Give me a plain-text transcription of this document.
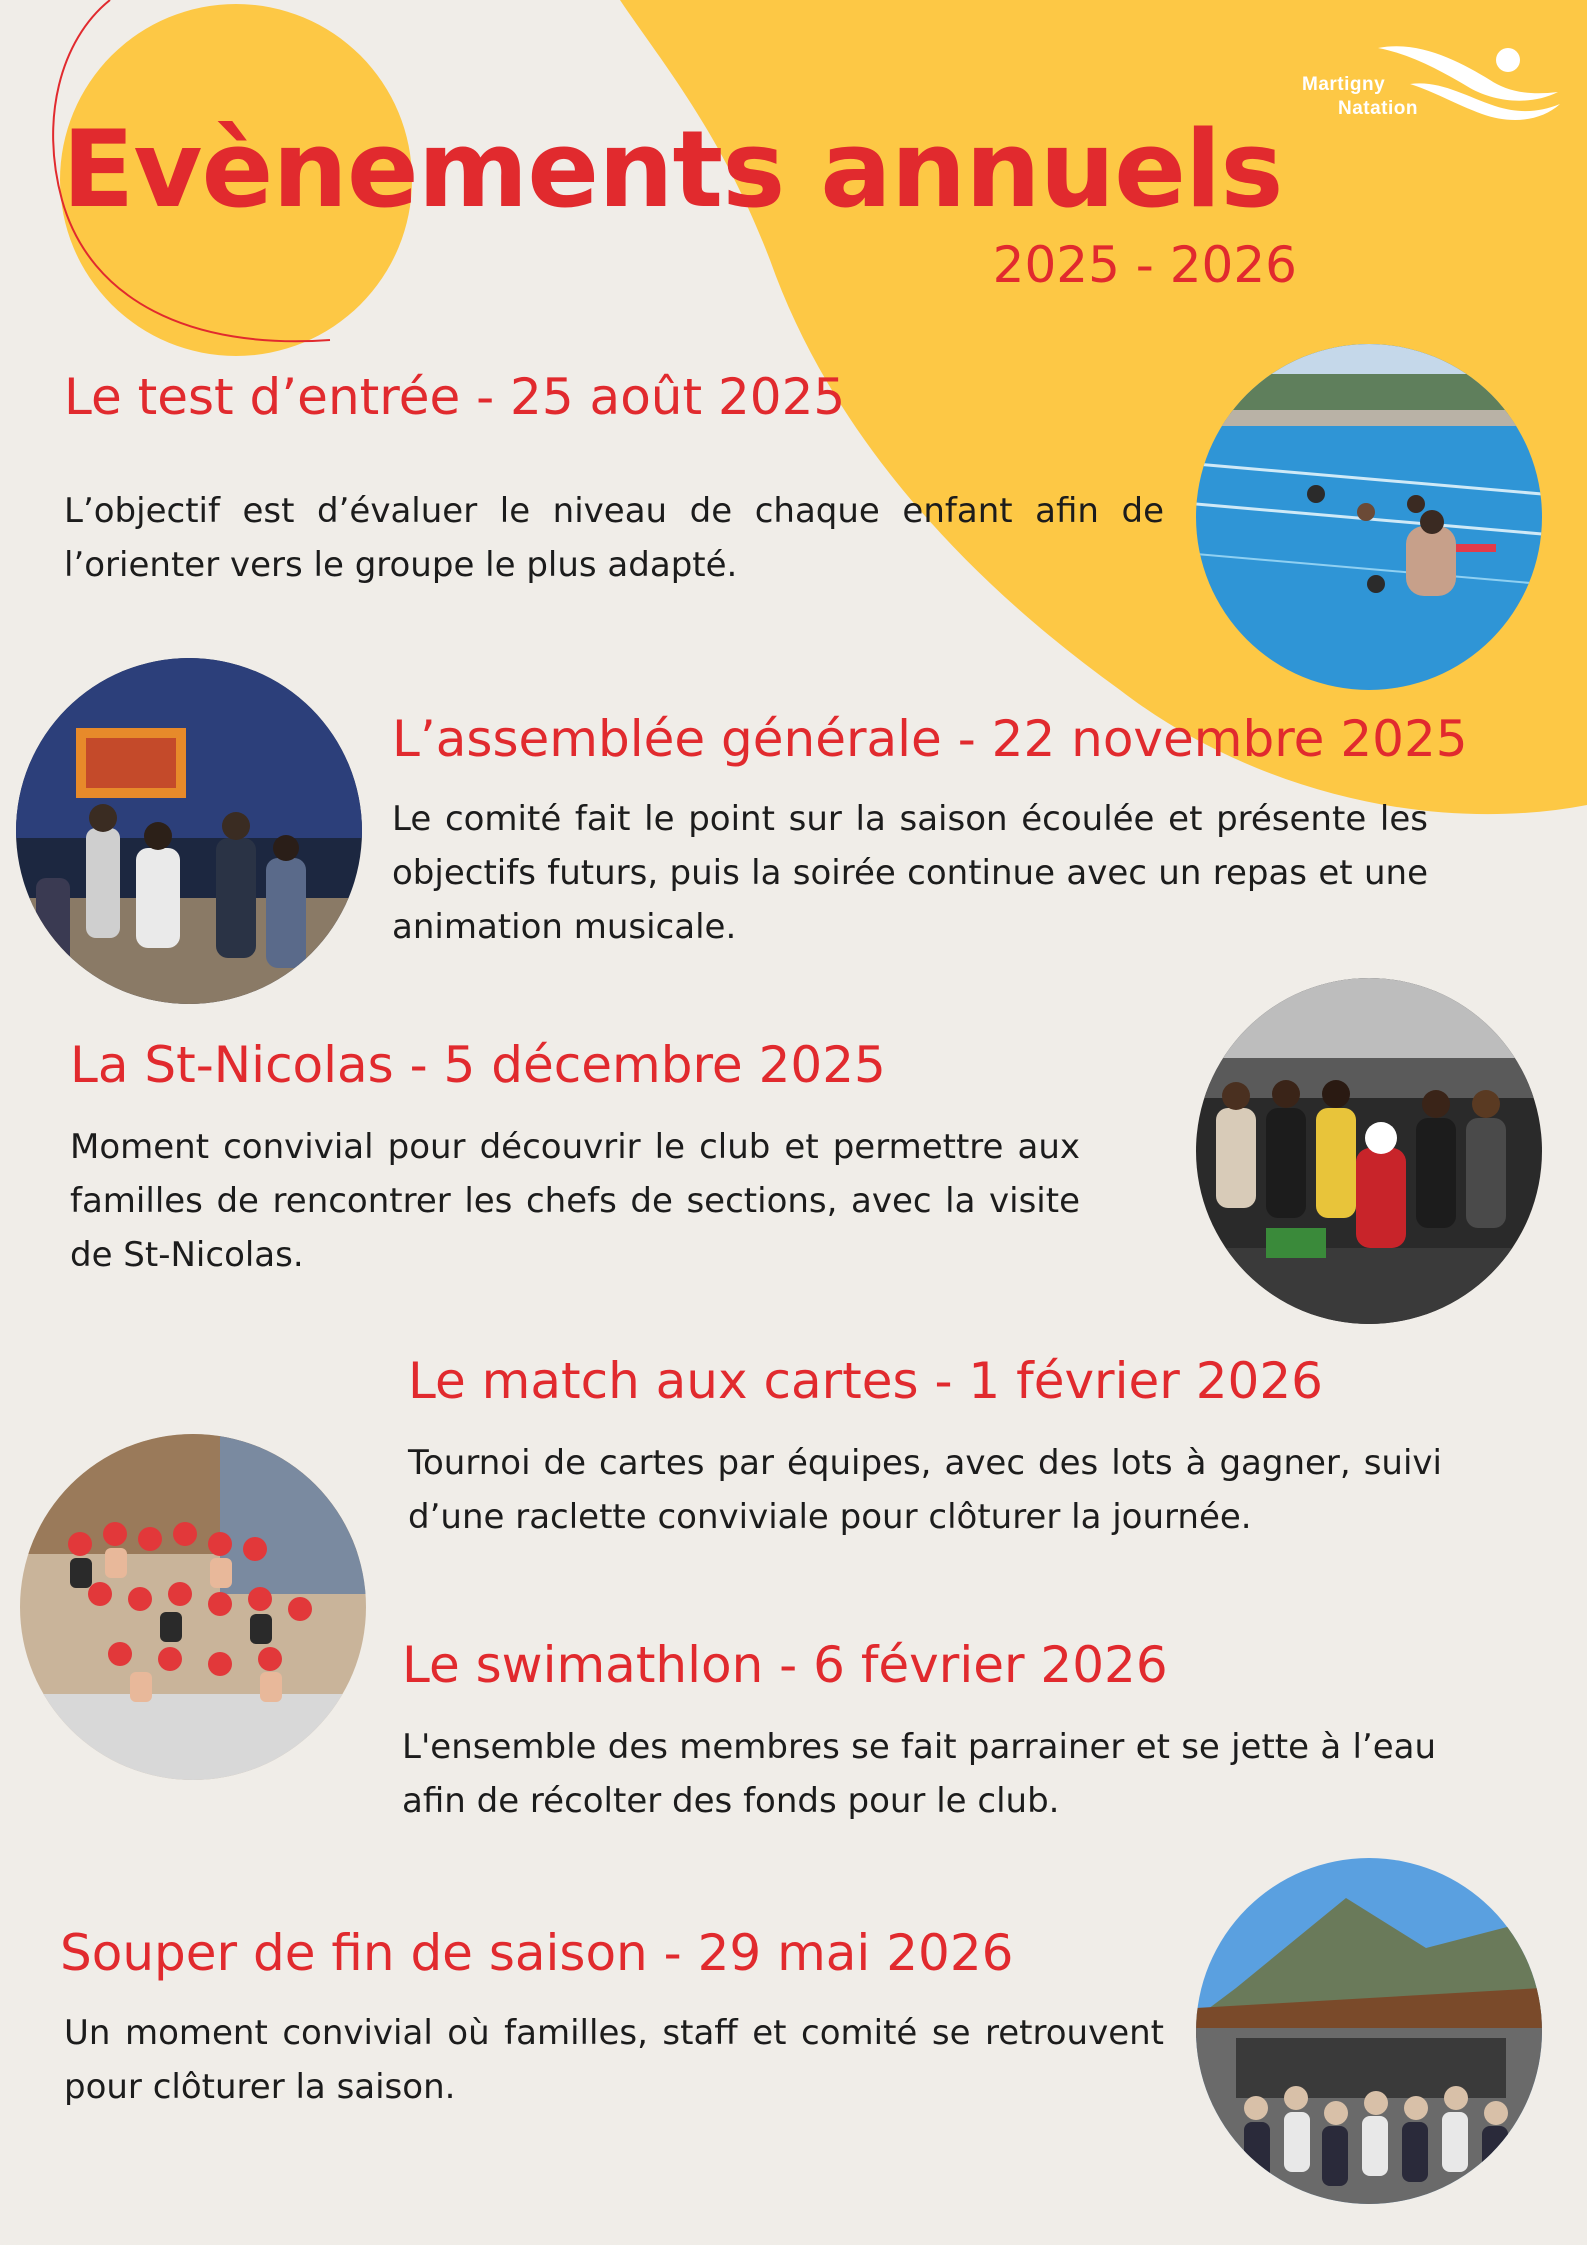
Martigny
Natation
Evènements annuels
2025 - 2026
Le test d’entrée - 25 août 2025

L’objectif est d’évaluer le niveau de chaque enfant afin de l’orienter vers le groupe le plus adapté.

L’assemblée générale - 22 novembre 2025

Le comité fait le point sur la saison écoulée et présente les objectifs futurs, puis la soirée continue avec un repas et une animation musicale.

La St-Nicolas - 5 décembre 2025

Moment convivial pour découvrir le club et permettre aux familles de rencontrer les chefs de sections, avec la visite de St-Nicolas.

Le match aux cartes - 1 février 2026

Tournoi de cartes par équipes, avec des lots à gagner, suivi d’une raclette conviviale pour clôturer la journée.

Le swimathlon - 6 février 2026

L'ensemble des membres se fait parrainer et se jette à l’eau afin de récolter des fonds pour le club.

Souper de fin de saison - 29 mai 2026

Un moment convivial où familles, staff et comité se retrouvent pour clôturer la saison.
